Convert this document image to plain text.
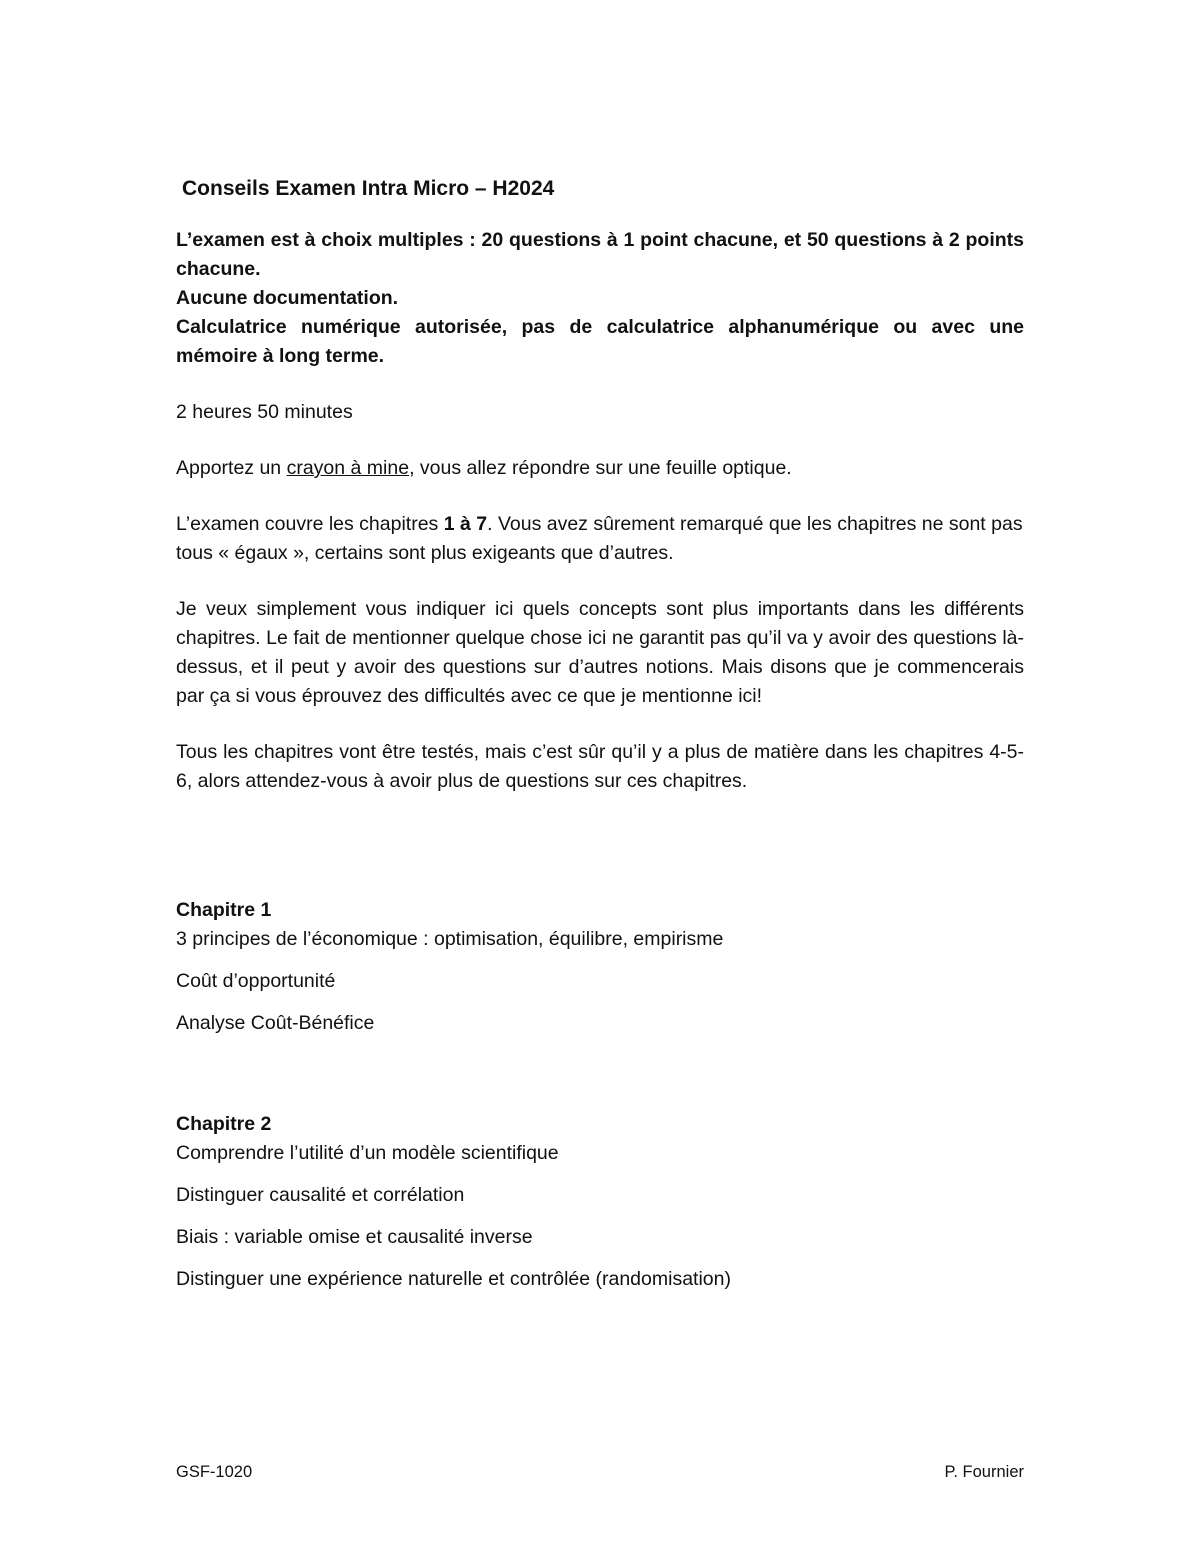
Conseils Examen Intra Micro – H2024

L’examen est à choix multiples : 20 questions à 1 point chacune, et 50 questions à 2 points chacune.

Aucune documentation.

Calculatrice numérique autorisée, pas de calculatrice alphanumérique ou avec une mémoire à long terme.

2 heures 50 minutes

Apportez un crayon à mine, vous allez répondre sur une feuille optique.

L’examen couvre les chapitres 1 à 7. Vous avez sûrement remarqué que les chapitres ne sont pas tous « égaux », certains sont plus exigeants que d’autres.

Je veux simplement vous indiquer ici quels concepts sont plus importants dans les différents chapitres. Le fait de mentionner quelque chose ici ne garantit pas qu’il va y avoir des questions là-dessus, et il peut y avoir des questions sur d’autres notions. Mais disons que je commencerais par ça si vous éprouvez des difficultés avec ce que je mentionne ici!

Tous les chapitres vont être testés, mais c’est sûr qu’il y a plus de matière dans les chapitres 4-5-6, alors attendez-vous à avoir plus de questions sur ces chapitres.

Chapitre 1

3 principes de l’économique : optimisation, équilibre, empirisme

Coût d’opportunité

Analyse Coût-Bénéfice

Chapitre 2

Comprendre l’utilité d’un modèle scientifique

Distinguer causalité et corrélation

Biais : variable omise et causalité inverse

Distinguer une expérience naturelle et contrôlée (randomisation)

GSF-1020	P. Fournier
